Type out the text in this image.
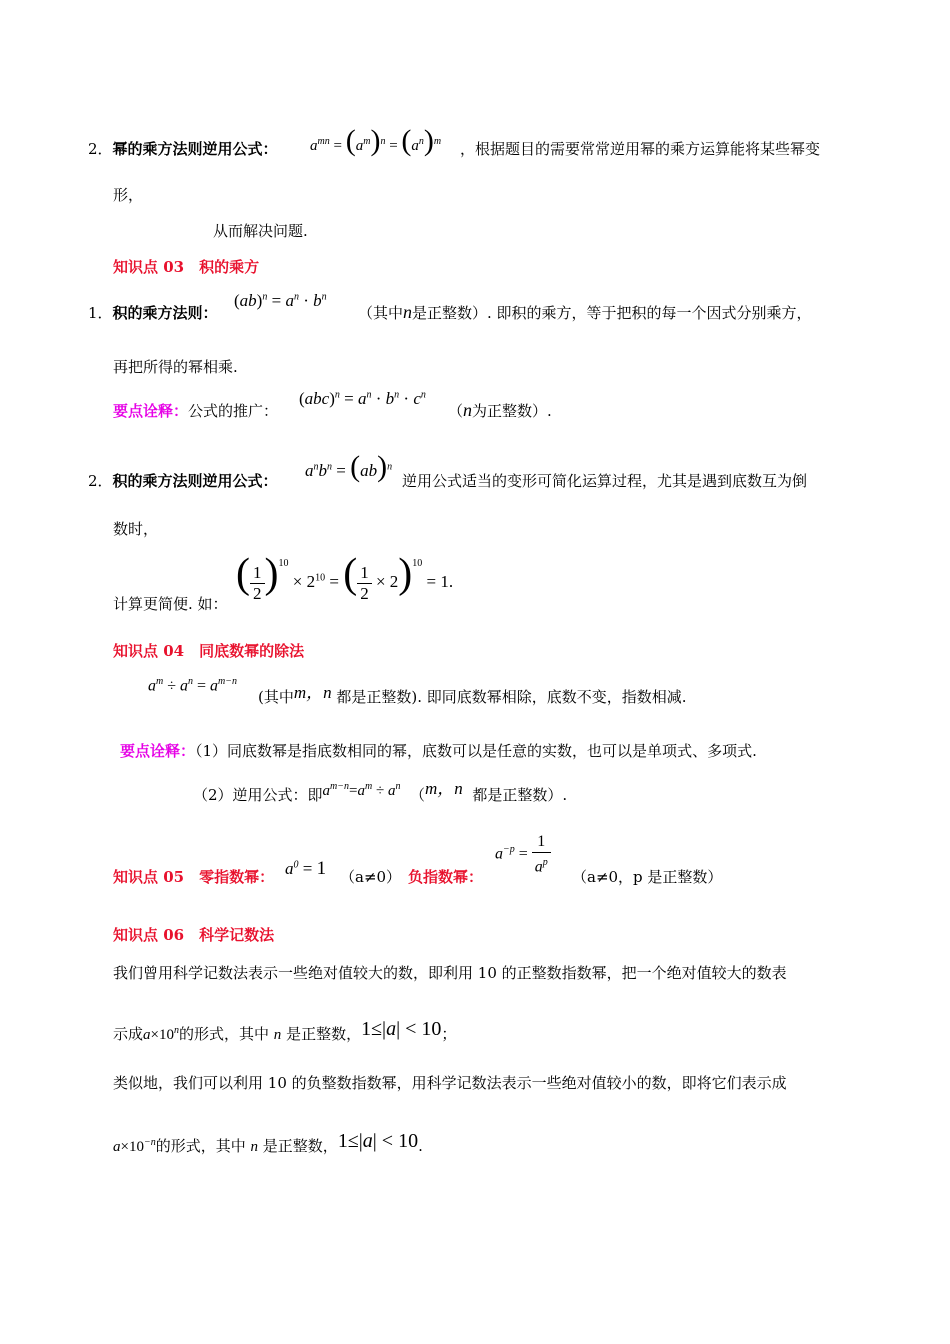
2．幂的乘方法则逆用公式： $a^{mn} = (a^m)^n = (a^n)^m$ ，根据题目的需要常常逆用幂的乘方运算能将某些幂变
形，
从而解决问题.
知识点 03　积的乘方
1．积的乘方法则：
$(ab)^n = a^n \cdot b^n$
（其中n是正整数）. 即积的乘方，等于把积的每一个因式分别乘方，
再把所得的幂相乘.
要点诠释：公式的推广：
$(abc)^n = a^n \cdot b^n \cdot c^n$
（n为正整数）.
2．积的乘方法则逆用公式：
$a^nb^n = (ab)^n$
逆用公式适当的变形可简化运算过程，尤其是遇到底数互为倒
数时，
计算更简便. 如：
( $\frac{1}{2} )^{10} \times 2^{10}$ = ( $\frac{1}{2} \times 2)^{10} = 1$.
知识点 04　同底数幂的除法
$a^m \div a^n = a^{m-n}$
(其中m，n 都是正整数). 即同底数幂相除，底数不变，指数相减.
要点诠释：（1）同底数幂是指底数相同的幂，底数可以是任意的实数，也可以是单项式、多项式.
（2）逆用公式：即$a^{m-n}=a^m \div a^n$ （m，n 都是正整数）.
知识点 05　零指数幂： $a^0 = 1$ （a≠0） 负指数幂：
$a^{-p} = \frac{1}{a^p} (a\ne 0$，p 是正整数）
知识点 06　科学记数法
我们曾用科学记数法表示一些绝对值较大的数，即利用 10 的正整数指数幂，把一个绝对值较大的数表
示成$a\times 10^n$的形式，其中 n 是正整数，1≤|a| < 10；
类似地，我们可以利用 10 的负整数指数幂，用科学记数法表示一些绝对值较小的数，即将它们表示成
$a\times 10^{-n}$的形式，其中 n 是正整数，1≤|a| < 10.
